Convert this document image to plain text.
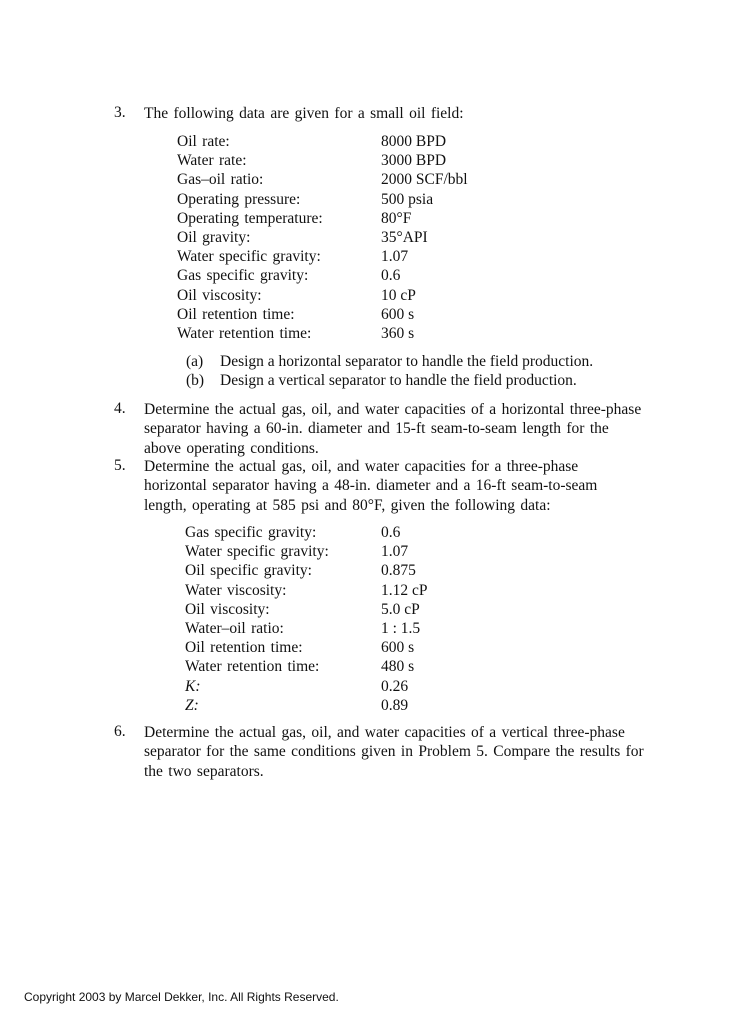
3.	The following data are given for a small oil field:
Oil rate:	8000 BPD
Water rate:	3000 BPD
Gas–oil ratio:	2000 SCF/bbl
Operating pressure:	500 psia
Operating temperature:	80°F
Oil gravity:	35°API
Water specific gravity:	1.07
Gas specific gravity:	0.6
Oil viscosity:	10 cP
Oil retention time:	600 s
Water retention time:	360 s
(a) Design a horizontal separator to handle the field production.
(b) Design a vertical separator to handle the field production.
4.	Determine the actual gas, oil, and water capacities of a horizontal three-phase separator having a 60-in. diameter and 15-ft seam-to-seam length for the above operating conditions.
5.	Determine the actual gas, oil, and water capacities for a three-phase horizontal separator having a 48-in. diameter and a 16-ft seam-to-seam length, operating at 585 psi and 80°F, given the following data:
Gas specific gravity:	0.6
Water specific gravity:	1.07
Oil specific gravity:	0.875
Water viscosity:	1.12 cP
Oil viscosity:	5.0 cP
Water–oil ratio:	1 : 1.5
Oil retention time:	600 s
Water retention time:	480 s
K:	0.26
Z:	0.89
6.	Determine the actual gas, oil, and water capacities of a vertical three-phase separator for the same conditions given in Problem 5. Compare the results for the two separators.
Copyright 2003 by Marcel Dekker, Inc. All Rights Reserved.
